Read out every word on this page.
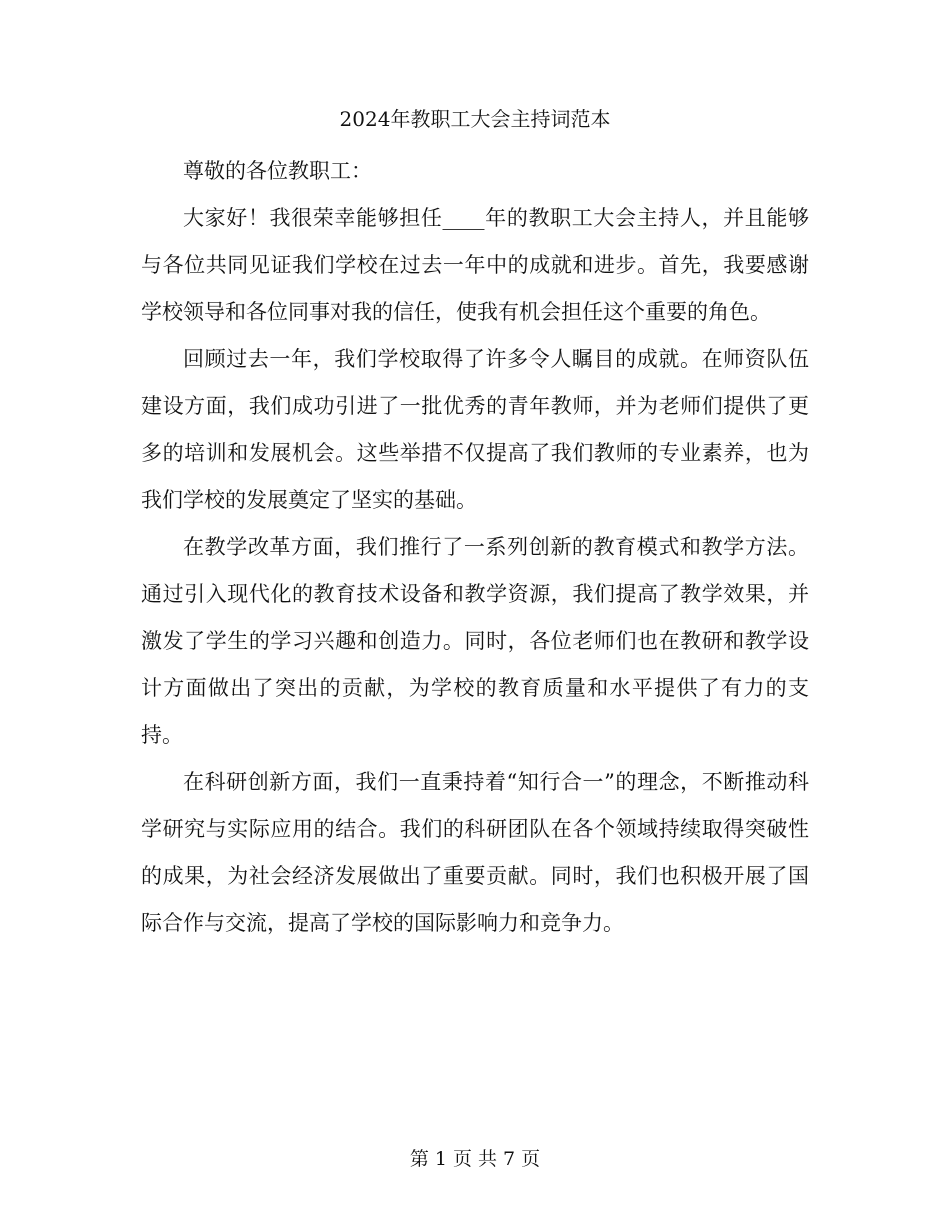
2024年教职工大会主持词范本

尊敬的各位教职工：

大家好！我很荣幸能够担任____年的教职工大会主持人，并且能够与各位共同见证我们学校在过去一年中的成就和进步。首先，我要感谢学校领导和各位同事对我的信任，使我有机会担任这个重要的角色。

回顾过去一年，我们学校取得了许多令人瞩目的成就。在师资队伍建设方面，我们成功引进了一批优秀的青年教师，并为老师们提供了更多的培训和发展机会。这些举措不仅提高了我们教师的专业素养，也为我们学校的发展奠定了坚实的基础。

在教学改革方面，我们推行了一系列创新的教育模式和教学方法。通过引入现代化的教育技术设备和教学资源，我们提高了教学效果，并激发了学生的学习兴趣和创造力。同时，各位老师们也在教研和教学设计方面做出了突出的贡献，为学校的教育质量和水平提供了有力的支持。

在科研创新方面，我们一直秉持着“知行合一”的理念，不断推动科学研究与实际应用的结合。我们的科研团队在各个领域持续取得突破性的成果，为社会经济发展做出了重要贡献。同时，我们也积极开展了国际合作与交流，提高了学校的国际影响力和竞争力。

第 1 页 共 7 页
